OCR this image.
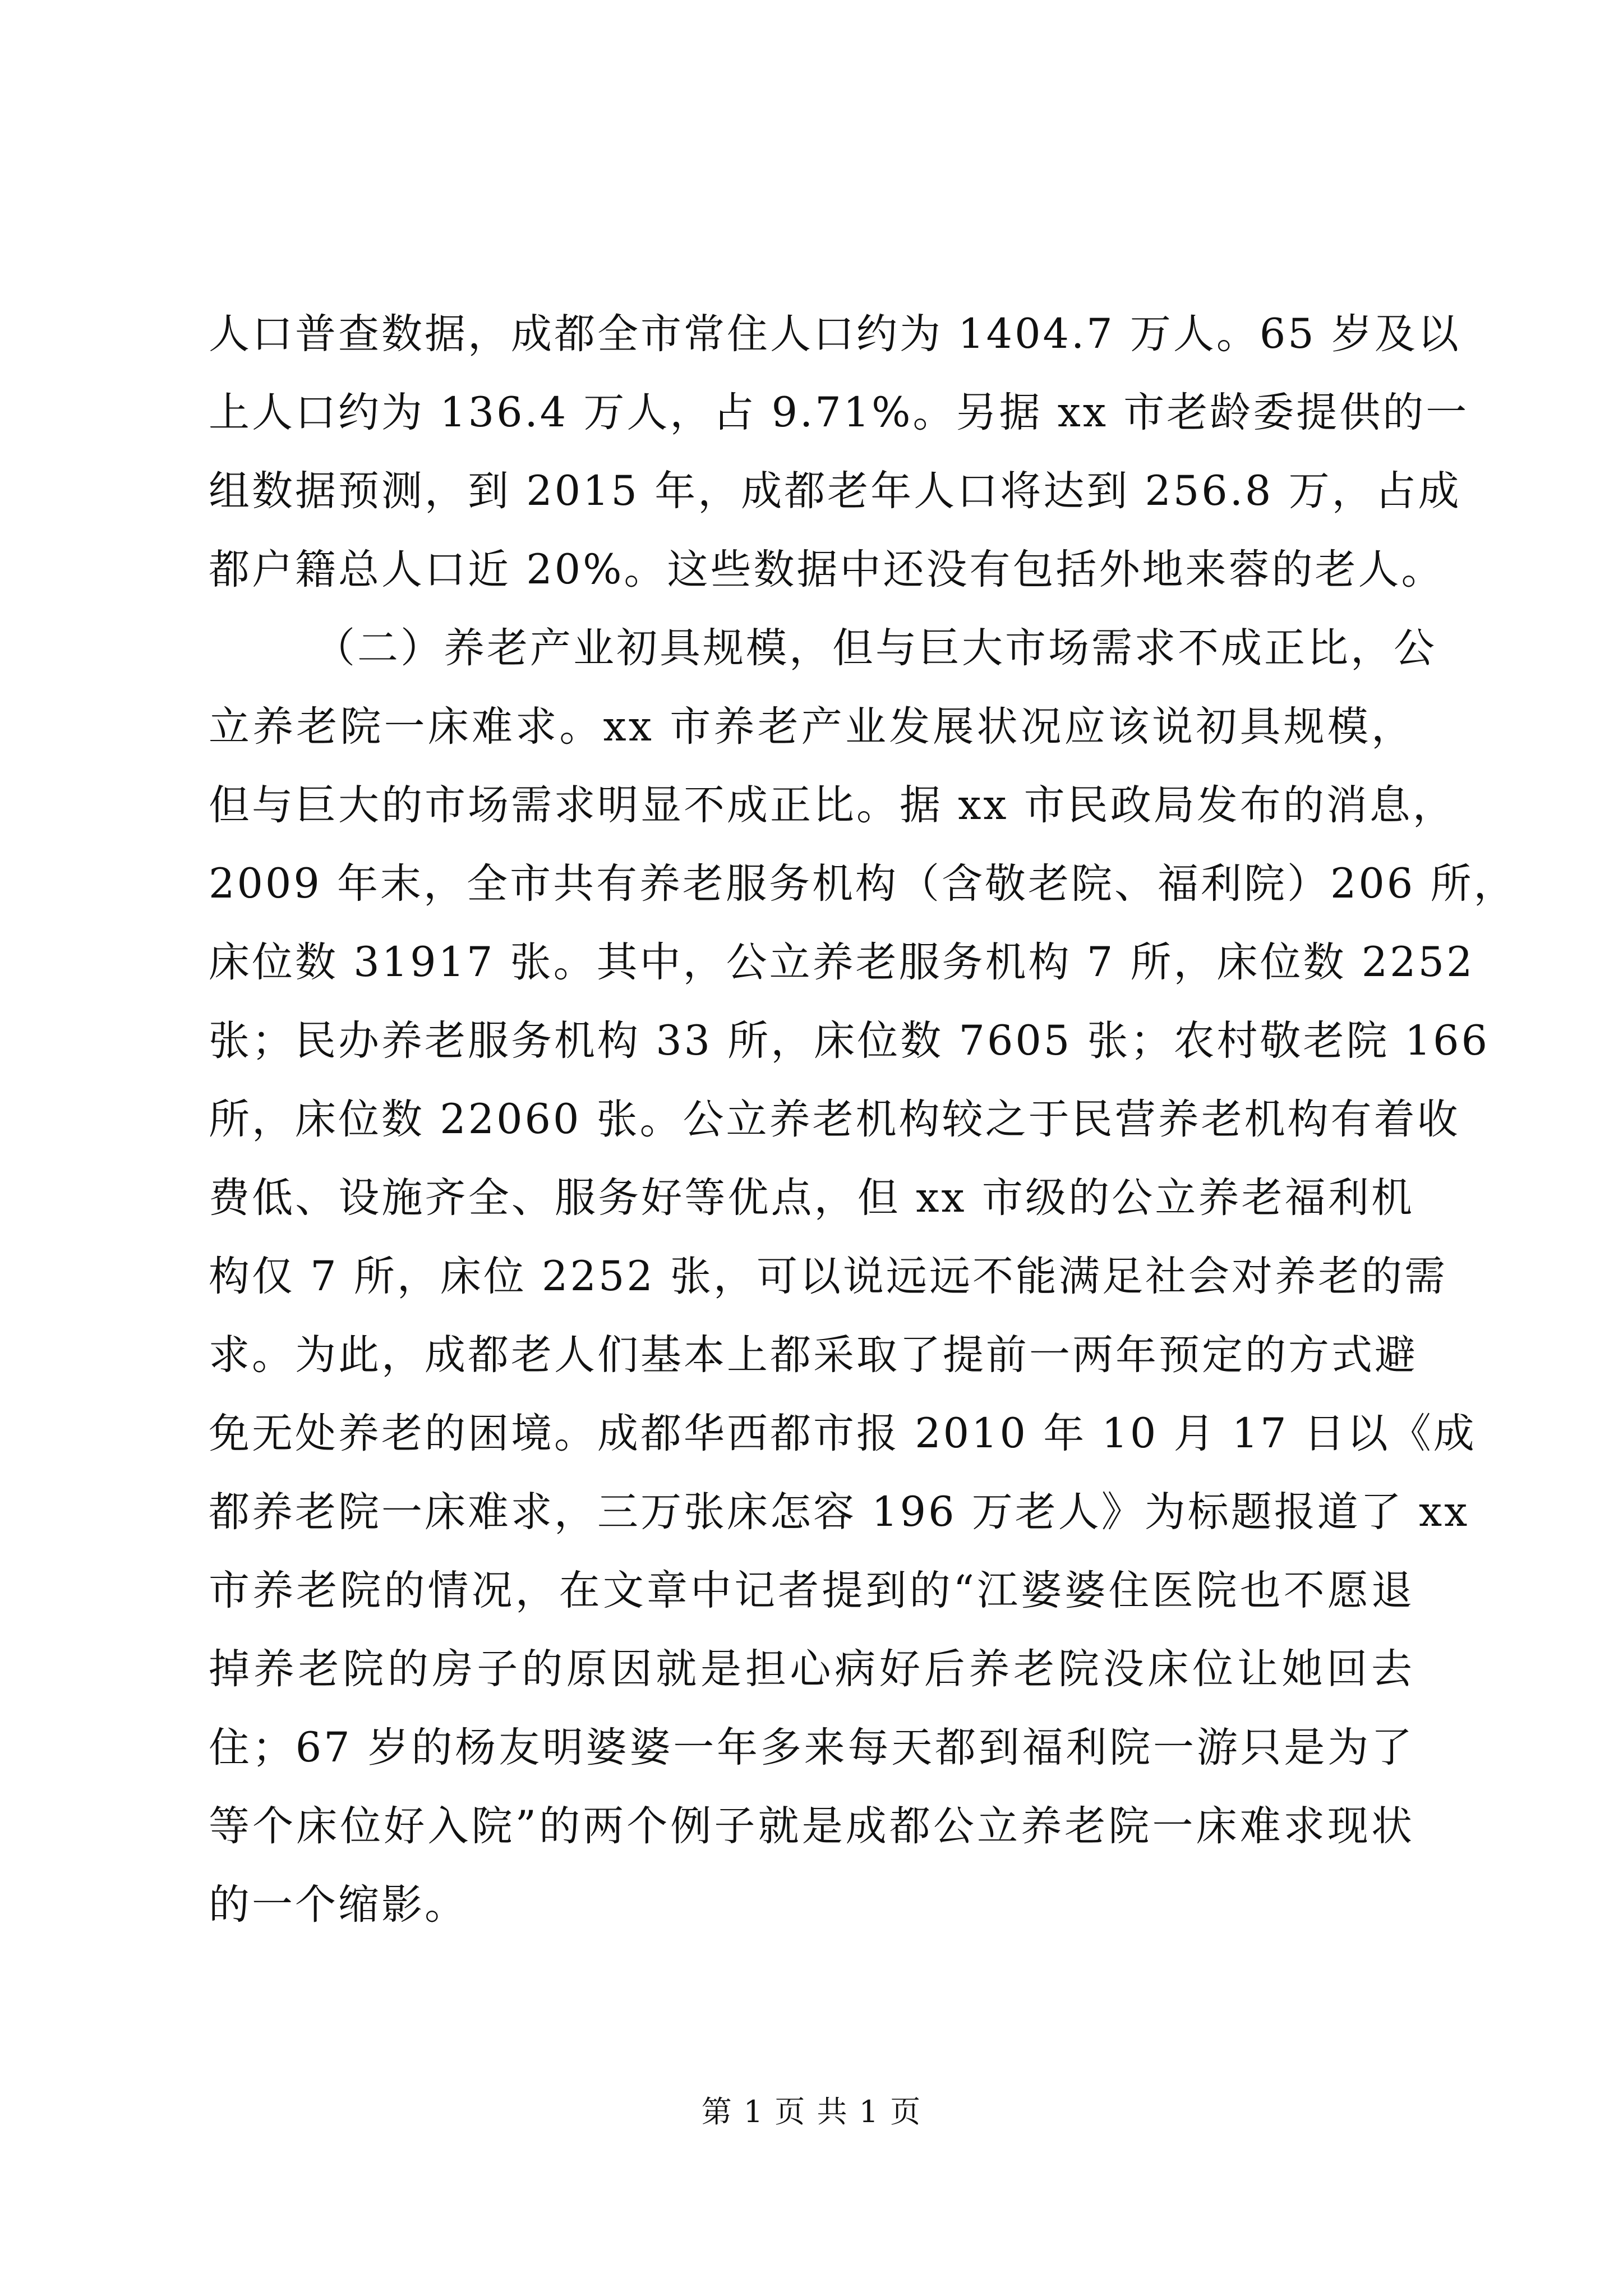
人口普查数据，成都全市常住人口约为 1404.7 万人。65 岁及以
上人口约为 136.4 万人，占 9.71%。另据 xx 市老龄委提供的一
组数据预测，到 2015 年，成都老年人口将达到 256.8 万，占成
都户籍总人口近 20%。这些数据中还没有包括外地来蓉的老人。
（二）养老产业初具规模，但与巨大市场需求不成正比，公
立养老院一床难求。xx 市养老产业发展状况应该说初具规模，
但与巨大的市场需求明显不成正比。据 xx 市民政局发布的消息，
2009 年末，全市共有养老服务机构（含敬老院、福利院）206 所，
床位数 31917 张。其中，公立养老服务机构 7 所，床位数 2252
张；民办养老服务机构 33 所，床位数 7605 张；农村敬老院 166
所，床位数 22060 张。公立养老机构较之于民营养老机构有着收
费低、设施齐全、服务好等优点，但 xx 市级的公立养老福利机
构仅 7 所，床位 2252 张，可以说远远不能满足社会对养老的需
求。为此，成都老人们基本上都采取了提前一两年预定的方式避
免无处养老的困境。成都华西都市报 2010 年 10 月 17 日以《成
都养老院一床难求，三万张床怎容 196 万老人》为标题报道了 xx
市养老院的情况，在文章中记者提到的“江婆婆住医院也不愿退
掉养老院的房子的原因就是担心病好后养老院没床位让她回去
住；67 岁的杨友明婆婆一年多来每天都到福利院一游只是为了
等个床位好入院”的两个例子就是成都公立养老院一床难求现状
的一个缩影。
第 1 页 共 1 页
